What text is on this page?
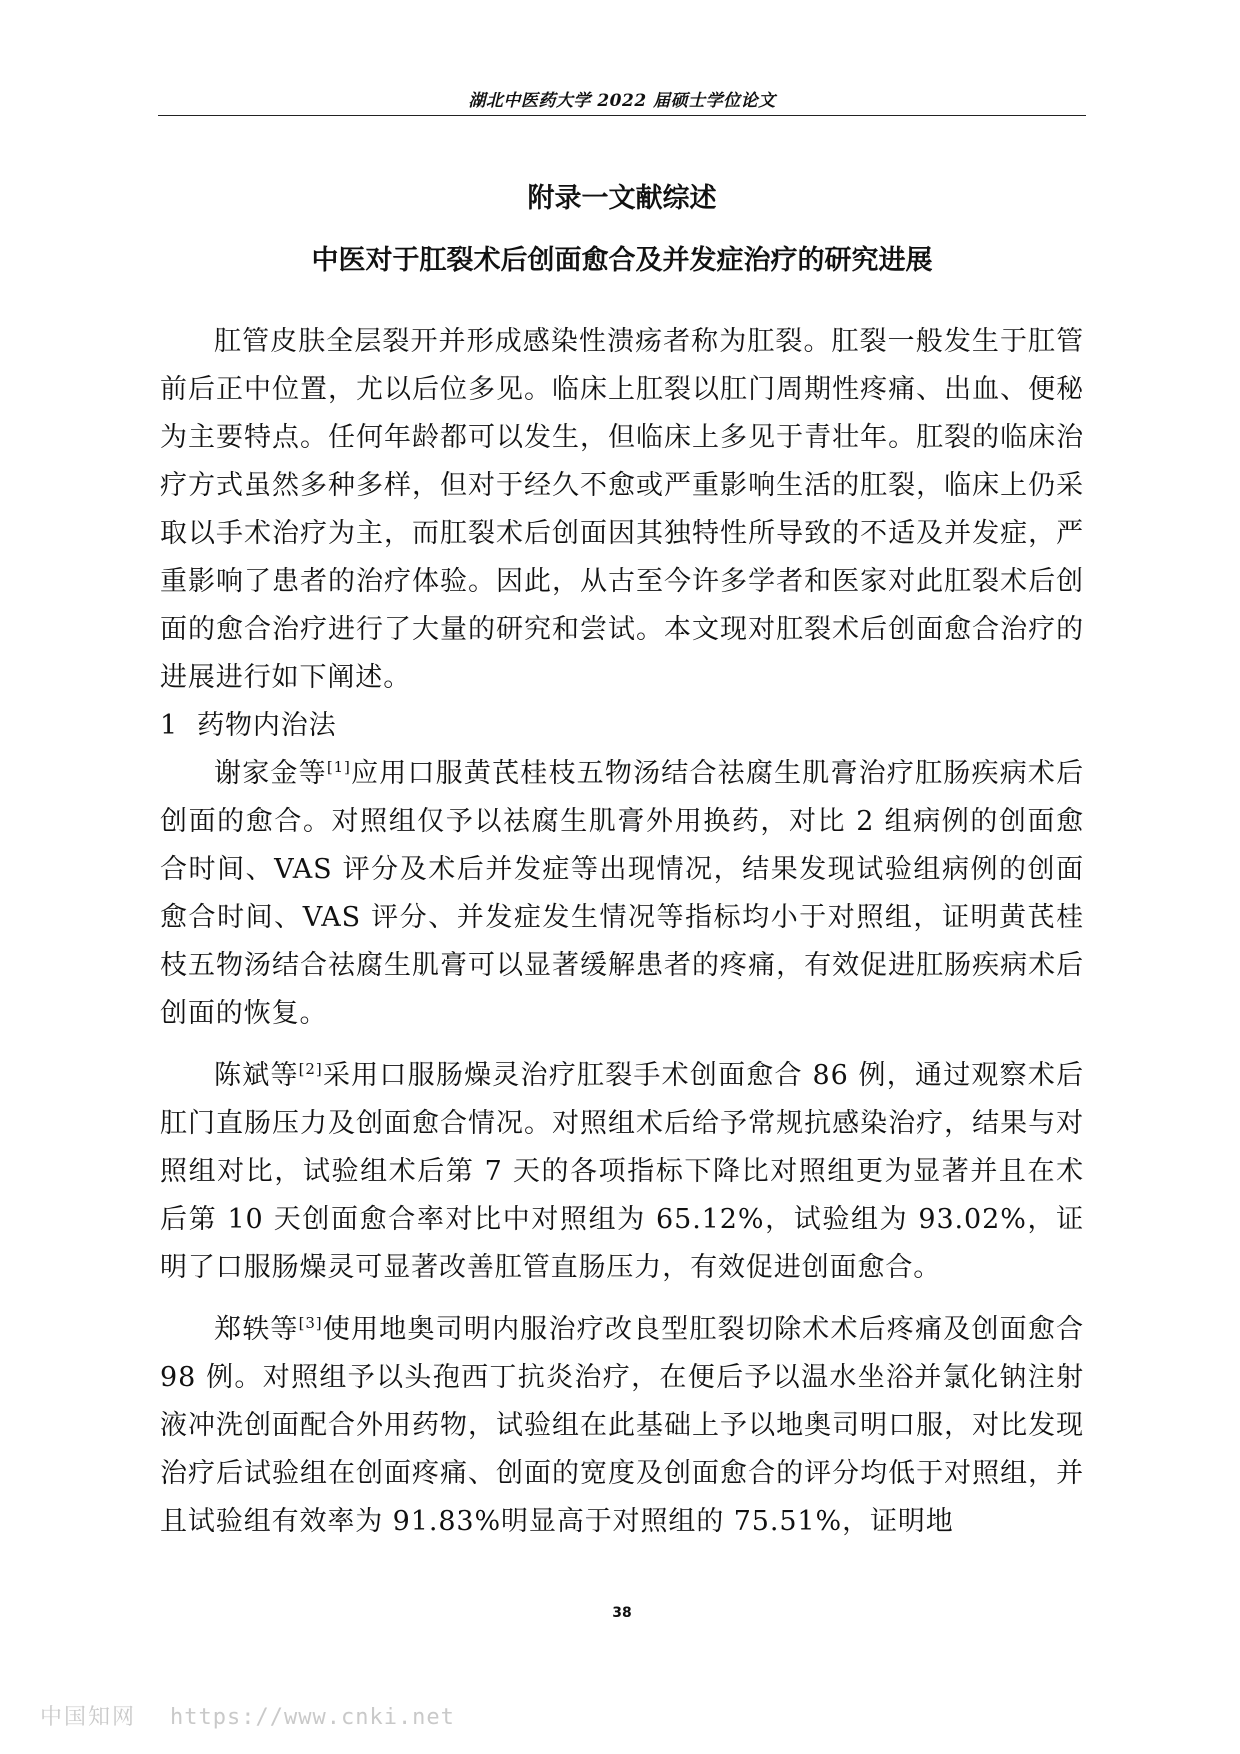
湖北中医药大学 2022 届硕士学位论文
附录一文献综述
中医对于肛裂术后创面愈合及并发症治疗的研究进展

肛管皮肤全层裂开并形成感染性溃疡者称为肛裂。肛裂一般发生于肛管前后正中位置，尤以后位多见。临床上肛裂以肛门周期性疼痛、出血、便秘为主要特点。任何年龄都可以发生，但临床上多见于青壮年。肛裂的临床治疗方式虽然多种多样，但对于经久不愈或严重影响生活的肛裂，临床上仍采取以手术治疗为主，而肛裂术后创面因其独特性所导致的不适及并发症，严重影响了患者的治疗体验。因此，从古至今许多学者和医家对此肛裂术后创面的愈合治疗进行了大量的研究和尝试。本文现对肛裂术后创面愈合治疗的进展进行如下阐述。

1 药物内治法

谢家金等[1]应用口服黄芪桂枝五物汤结合祛腐生肌膏治疗肛肠疾病术后创面的愈合。对照组仅予以祛腐生肌膏外用换药，对比 2 组病例的创面愈合时间、VAS 评分及术后并发症等出现情况，结果发现试验组病例的创面愈合时间、VAS 评分、并发症发生情况等指标均小于对照组，证明黄芪桂枝五物汤结合祛腐生肌膏可以显著缓解患者的疼痛，有效促进肛肠疾病术后创面的恢复。

陈斌等[2]采用口服肠燥灵治疗肛裂手术创面愈合 86 例，通过观察术后肛门直肠压力及创面愈合情况。对照组术后给予常规抗感染治疗，结果与对照组对比，试验组术后第 7 天的各项指标下降比对照组更为显著并且在术后第 10 天创面愈合率对比中对照组为 65.12%，试验组为 93.02%，证明了口服肠燥灵可显著改善肛管直肠压力，有效促进创面愈合。

郑轶等[3]使用地奥司明内服治疗改良型肛裂切除术术后疼痛及创面愈合 98 例。对照组予以头孢西丁抗炎治疗，在便后予以温水坐浴并氯化钠注射液冲洗创面配合外用药物，试验组在此基础上予以地奥司明口服，对比发现治疗后试验组在创面疼痛、创面的宽度及创面愈合的评分均低于对照组，并且试验组有效率为 91.83%明显高于对照组的 75.51%，证明地

38
中国知网 https://www.cnki.net
